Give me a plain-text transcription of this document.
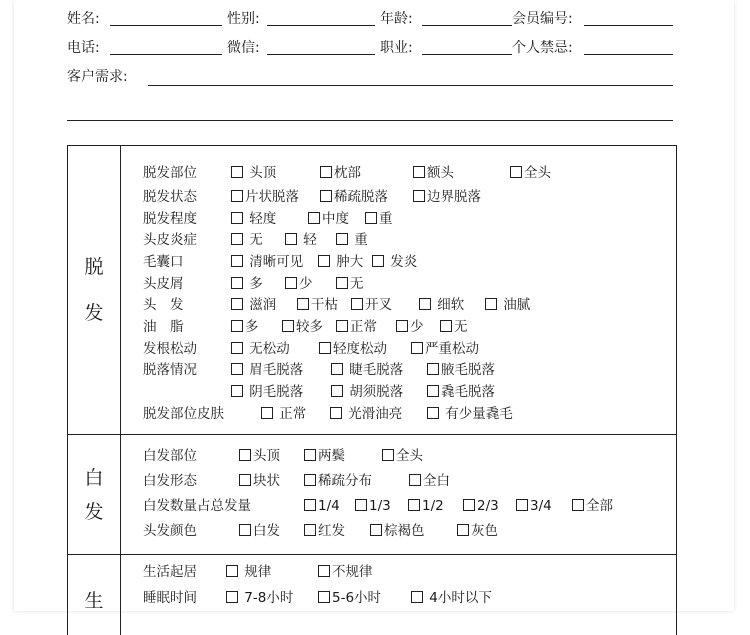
姓名:	性别:	年龄:	会员编号:
电话:	微信:	职业:	个人禁忌:
客户需求:
脱
发
脱发部位	头顶	枕部	额头	全头
脱发状态	片状脱落	稀疏脱落	边界脱落
脱发程度	轻度	中度	重
头皮炎症	无	轻	重
毛囊口	清晰可见	肿大	发炎
头皮屑	多	少	无
头　发	滋润	干枯	开叉	细软	油腻
油　脂	多	较多	正常	少	无
发根松动	无松动	轻度松动	严重松动
脱落情况	眉毛脱落	睫毛脱落	腋毛脱落
阴毛脱落	胡须脱落	毳毛脱落
脱发部位皮肤	正常	光滑油亮	有少量毳毛
白
发
白发部位	头顶	两鬓	全头
白发形态	块状	稀疏分布	全白
白发数量占总发量	1/4	1/3	1/2	2/3	3/4	全部
头发颜色	白发	红发	棕褐色	灰色
生
生活起居	规律	不规律
睡眠时间	7-8小时	5-6小时	4小时以下
